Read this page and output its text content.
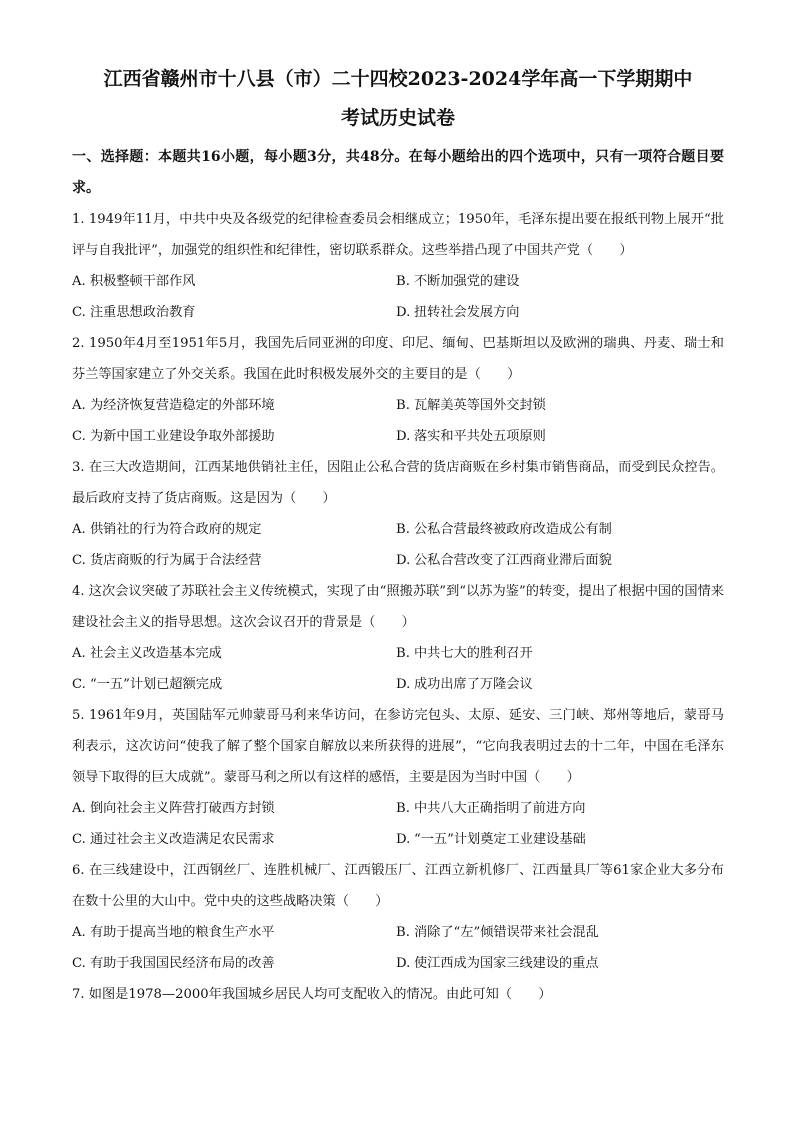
江西省赣州市十八县（市）二十四校2023-2024学年高一下学期期中
考试历史试卷

一、选择题：本题共16小题，每小题3分，共48分。在每小题给出的四个选项中，只有一项符合题目要求。

1. 1949年11月，中共中央及各级党的纪律检查委员会相继成立；1950年，毛泽东提出要在报纸刊物上展开“批评与自我批评”，加强党的组织性和纪律性，密切联系群众。这些举措凸现了中国共产党（　　）

A. 积极整顿干部作风	B. 不断加强党的建设
C. 注重思想政治教育	D. 扭转社会发展方向

2. 1950年4月至1951年5月，我国先后同亚洲的印度、印尼、缅甸、巴基斯坦以及欧洲的瑞典、丹麦、瑞士和芬兰等国家建立了外交关系。我国在此时积极发展外交的主要目的是（　　）

A. 为经济恢复营造稳定的外部环境	B. 瓦解美英等国外交封锁
C. 为新中国工业建设争取外部援助	D. 落实和平共处五项原则

3. 在三大改造期间，江西某地供销社主任，因阻止公私合营的货店商贩在乡村集市销售商品，而受到民众控告。最后政府支持了货店商贩。这是因为（　　）

A. 供销社的行为符合政府的规定	B. 公私合营最终被政府改造成公有制
C. 货店商贩的行为属于合法经营	D. 公私合营改变了江西商业滞后面貌

4. 这次会议突破了苏联社会主义传统模式，实现了由“照搬苏联”到“以苏为鉴”的转变，提出了根据中国的国情来建设社会主义的指导思想。这次会议召开的背景是（　　）

A. 社会主义改造基本完成	B. 中共七大的胜利召开
C. “一五”计划已超额完成	D. 成功出席了万隆会议

5. 1961年9月，英国陆军元帅蒙哥马利来华访问，在参访完包头、太原、延安、三门峡、郑州等地后，蒙哥马利表示，这次访问“使我了解了整个国家自解放以来所获得的进展”，“它向我表明过去的十二年，中国在毛泽东领导下取得的巨大成就”。蒙哥马利之所以有这样的感悟，主要是因为当时中国（　　）

A. 倒向社会主义阵营打破西方封锁	B. 中共八大正确指明了前进方向
C. 通过社会主义改造满足农民需求	D. “一五”计划奠定工业建设基础

6. 在三线建设中，江西钢丝厂、连胜机械厂、江西锻压厂、江西立新机修厂、江西量具厂等61家企业大多分布在数十公里的大山中。党中央的这些战略决策（　　）

A. 有助于提高当地的粮食生产水平	B. 消除了“左”倾错误带来社会混乱
C. 有助于我国国民经济布局的改善	D. 使江西成为国家三线建设的重点

7. 如图是1978—2000年我国城乡居民人均可支配收入的情况。由此可知（　　）
